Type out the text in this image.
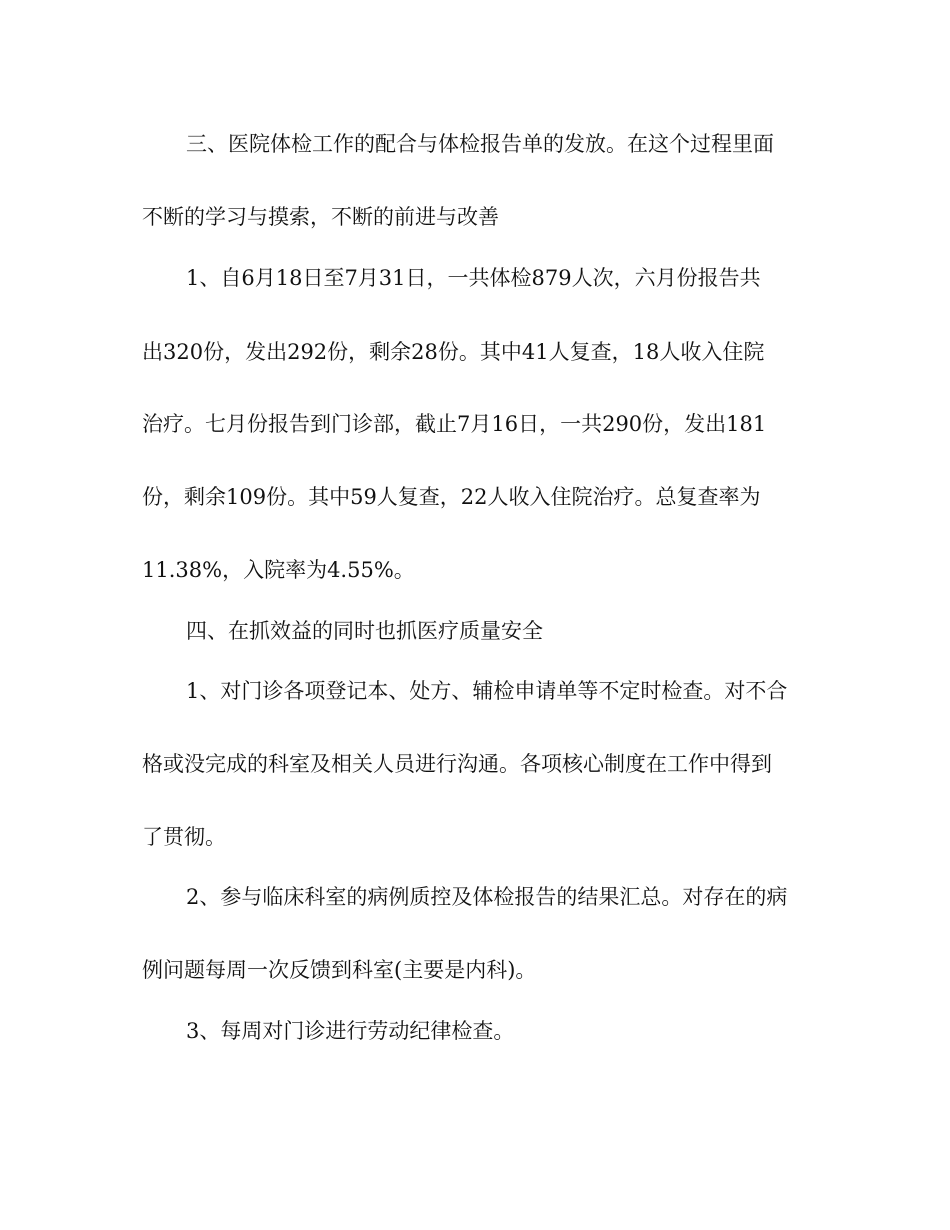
三、医院体检工作的配合与体检报告单的发放。在这个过程里面

不断的学习与摸索，不断的前进与改善

1、自6月18日至7月31日，一共体检879人次，六月份报告共

出320份，发出292份，剩余28份。其中41人复查，18人收入住院

治疗。七月份报告到门诊部，截止7月16日，一共290份，发出181

份，剩余109份。其中59人复查，22人收入住院治疗。总复查率为

11.38%，入院率为4.55%。

四、在抓效益的同时也抓医疗质量安全

1、对门诊各项登记本、处方、辅检申请单等不定时检查。对不合

格或没完成的科室及相关人员进行沟通。各项核心制度在工作中得到

了贯彻。

2、参与临床科室的病例质控及体检报告的结果汇总。对存在的病

例问题每周一次反馈到科室(主要是内科)。

3、每周对门诊进行劳动纪律检查。
